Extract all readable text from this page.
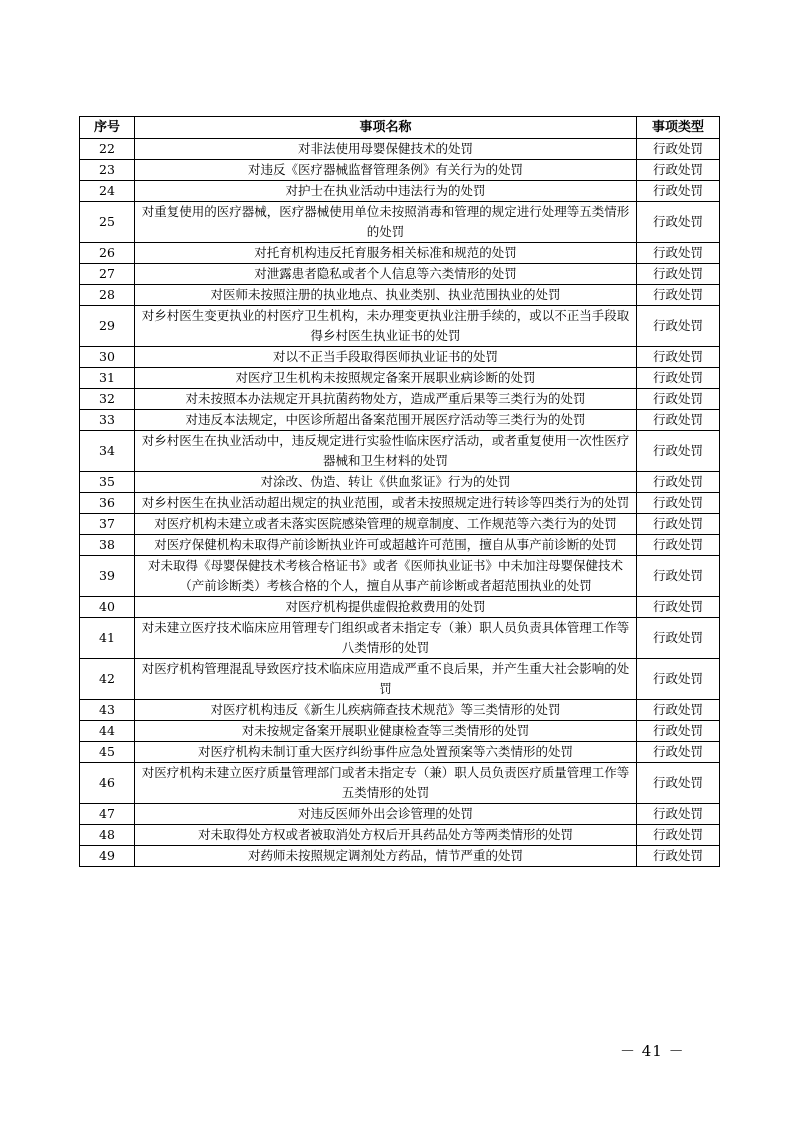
序号	事项名称	事项类型
22	对非法使用母婴保健技术的处罚	行政处罚
23	对违反《医疗器械监督管理条例》有关行为的处罚	行政处罚
24	对护士在执业活动中违法行为的处罚	行政处罚
25	对重复使用的医疗器械，医疗器械使用单位未按照消毒和管理的规定进行处理等五类情形的处罚	行政处罚
26	对托育机构违反托育服务相关标准和规范的处罚	行政处罚
27	对泄露患者隐私或者个人信息等六类情形的处罚	行政处罚
28	对医师未按照注册的执业地点、执业类别、执业范围执业的处罚	行政处罚
29	对乡村医生变更执业的村医疗卫生机构，未办理变更执业注册手续的，或以不正当手段取得乡村医生执业证书的处罚	行政处罚
30	对以不正当手段取得医师执业证书的处罚	行政处罚
31	对医疗卫生机构未按照规定备案开展职业病诊断的处罚	行政处罚
32	对未按照本办法规定开具抗菌药物处方，造成严重后果等三类行为的处罚	行政处罚
33	对违反本法规定，中医诊所超出备案范围开展医疗活动等三类行为的处罚	行政处罚
34	对乡村医生在执业活动中，违反规定进行实验性临床医疗活动，或者重复使用一次性医疗器械和卫生材料的处罚	行政处罚
35	对涂改、伪造、转让《供血浆证》行为的处罚	行政处罚
36	对乡村医生在执业活动超出规定的执业范围，或者未按照规定进行转诊等四类行为的处罚	行政处罚
37	对医疗机构未建立或者未落实医院感染管理的规章制度、工作规范等六类行为的处罚	行政处罚
38	对医疗保健机构未取得产前诊断执业许可或超越许可范围，擅自从事产前诊断的处罚	行政处罚
39	对未取得《母婴保健技术考核合格证书》或者《医师执业证书》中未加注母婴保健技术（产前诊断类）考核合格的个人，擅自从事产前诊断或者超范围执业的处罚	行政处罚
40	对医疗机构提供虚假抢救费用的处罚	行政处罚
41	对未建立医疗技术临床应用管理专门组织或者未指定专（兼）职人员负责具体管理工作等八类情形的处罚	行政处罚
42	对医疗机构管理混乱导致医疗技术临床应用造成严重不良后果，并产生重大社会影响的处罚	行政处罚
43	对医疗机构违反《新生儿疾病筛查技术规范》等三类情形的处罚	行政处罚
44	对未按规定备案开展职业健康检查等三类情形的处罚	行政处罚
45	对医疗机构未制订重大医疗纠纷事件应急处置预案等六类情形的处罚	行政处罚
46	对医疗机构未建立医疗质量管理部门或者未指定专（兼）职人员负责医疗质量管理工作等五类情形的处罚	行政处罚
47	对违反医师外出会诊管理的处罚	行政处罚
48	对未取得处方权或者被取消处方权后开具药品处方等两类情形的处罚	行政处罚
49	对药师未按照规定调剂处方药品，情节严重的处罚	行政处罚
－ 41 －
